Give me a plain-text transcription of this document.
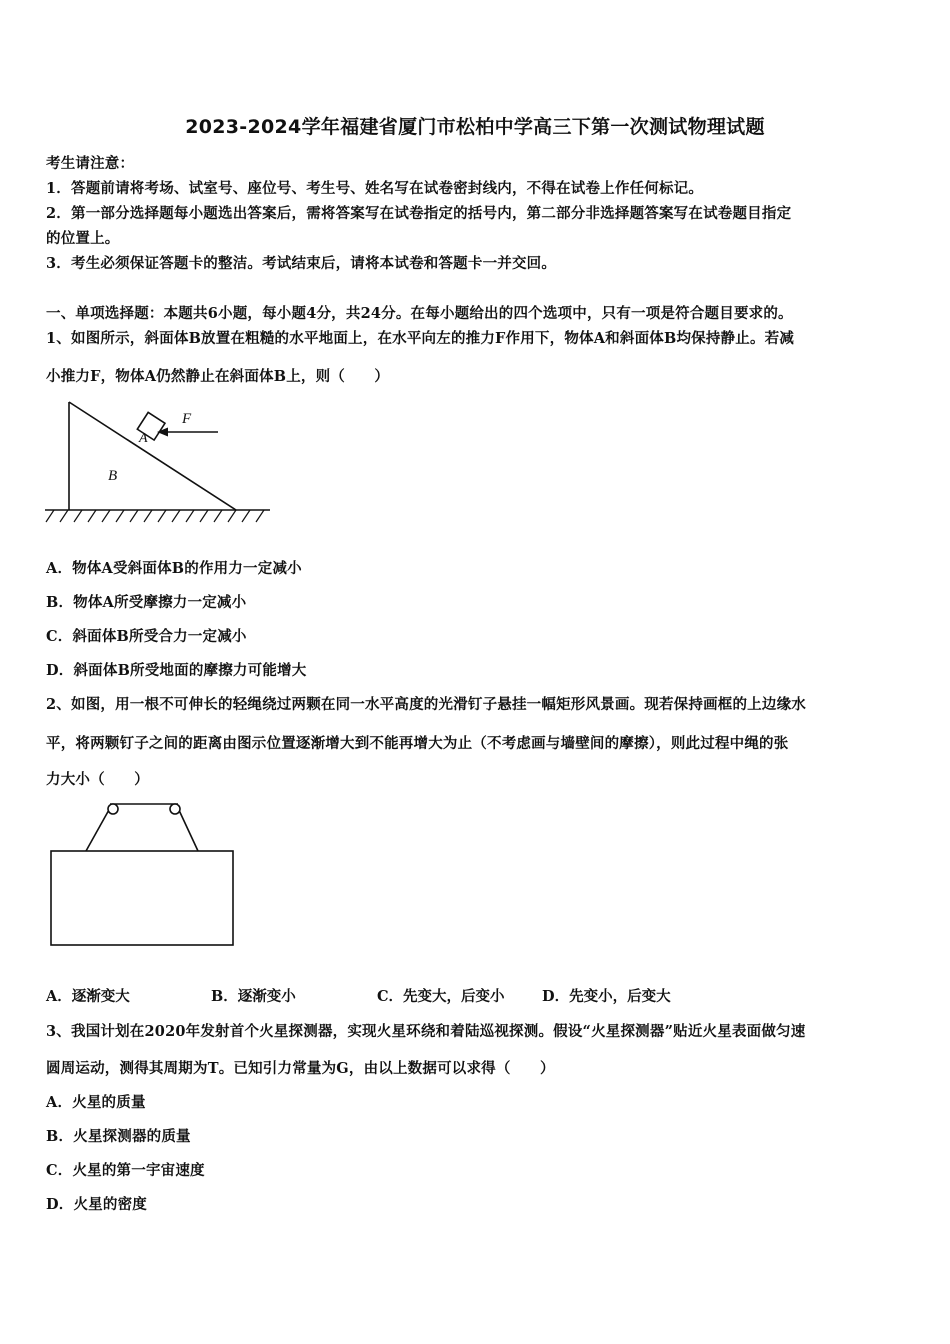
2023-2024学年福建省厦门市松柏中学高三下第一次测试物理试题
考生请注意：
1．答题前请将考场、试室号、座位号、考生号、姓名写在试卷密封线内，不得在试卷上作任何标记。
2．第一部分选择题每小题选出答案后，需将答案写在试卷指定的括号内，第二部分非选择题答案写在试卷题目指定
的位置上。
3．考生必须保证答题卡的整洁。考试结束后，请将本试卷和答题卡一并交回。
一、单项选择题：本题共6小题，每小题4分，共24分。在每小题给出的四个选项中，只有一项是符合题目要求的。
1、如图所示，斜面体B放置在粗糙的水平地面上，在水平向左的推力F作用下，物体A和斜面体B均保持静止。若减
小推力F，物体A仍然静止在斜面体B上，则（　　）
A
F
B
A．物体A受斜面体B的作用力一定减小
B．物体A所受摩擦力一定减小
C．斜面体B所受合力一定减小
D．斜面体B所受地面的摩擦力可能增大
2、如图，用一根不可伸长的轻绳绕过两颗在同一水平高度的光滑钉子悬挂一幅矩形风景画。现若保持画框的上边缘水
平，将两颗钉子之间的距离由图示位置逐渐增大到不能再增大为止（不考虑画与墙壁间的摩擦），则此过程中绳的张
力大小（　　）
A．逐渐变大	B．逐渐变小	C．先变大，后变小	D．先变小，后变大
3、我国计划在2020年发射首个火星探测器，实现火星环绕和着陆巡视探测。假设“火星探测器”贴近火星表面做匀速
圆周运动，测得其周期为T。已知引力常量为G，由以上数据可以求得（　　）
A．火星的质量
B．火星探测器的质量
C．火星的第一宇宙速度
D．火星的密度
